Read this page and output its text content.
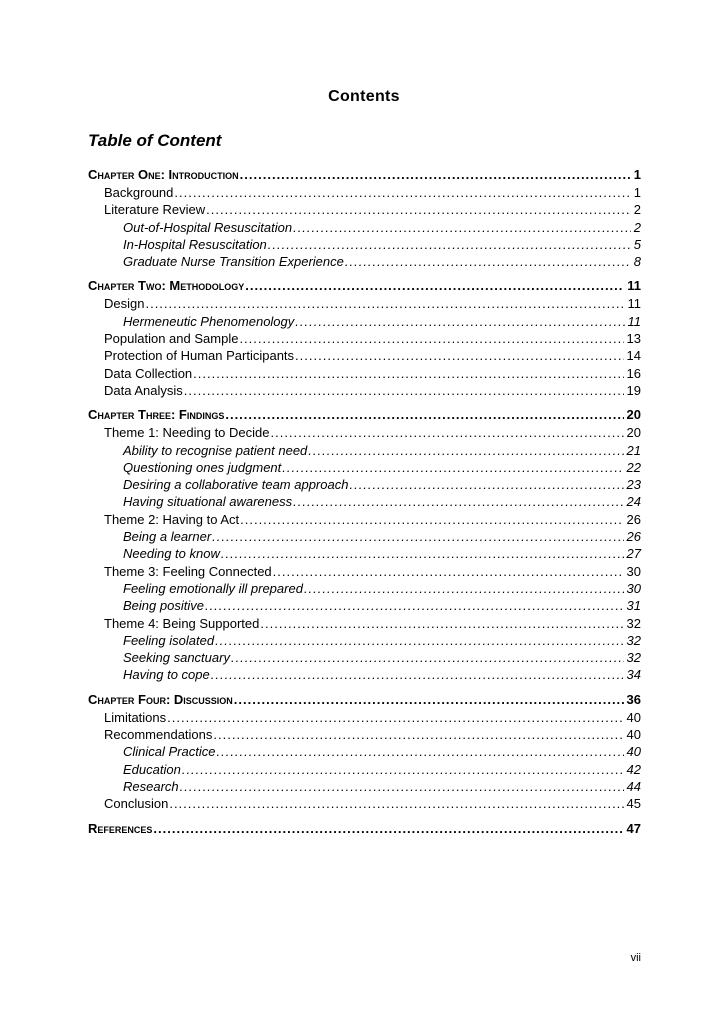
Contents
Table of Content
Chapter One: Introduction .....	1
Background .....	1
Literature Review .....	2
Out-of-Hospital Resuscitation .....	2
In-Hospital Resuscitation .....	5
Graduate Nurse Transition Experience .....	8
Chapter Two: Methodology .....	11
Design .....	11
Hermeneutic Phenomenology .....	11
Population and Sample .....	13
Protection of Human Participants .....	14
Data Collection .....	16
Data Analysis .....	19
Chapter Three: Findings .....	20
Theme 1: Needing to Decide .....	20
Ability to recognise patient need .....	21
Questioning ones judgment .....	22
Desiring a collaborative team approach .....	23
Having situational awareness .....	24
Theme 2: Having to Act .....	26
Being a learner .....	26
Needing to know .....	27
Theme 3: Feeling Connected .....	30
Feeling emotionally ill prepared .....	30
Being positive .....	31
Theme 4: Being Supported .....	32
Feeling isolated .....	32
Seeking sanctuary .....	32
Having to cope .....	34
Chapter Four: Discussion .....	36
Limitations .....	40
Recommendations .....	40
Clinical Practice .....	40
Education .....	42
Research .....	44
Conclusion .....	45
References .....	47
vii
